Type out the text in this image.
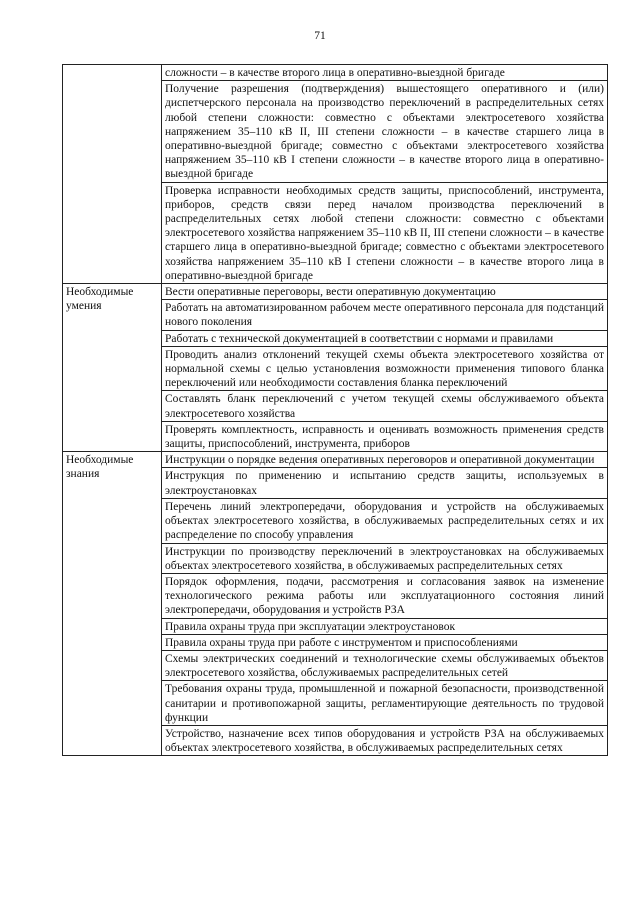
71
	сложности – в качестве второго лица в оперативно-выездной бригаде
	Получение разрешения (подтверждения) вышестоящего оперативного и (или) диспетчерского персонала на производство переключений в распределительных сетях любой степени сложности: совместно с объектами электросетевого хозяйства напряжением 35–110 кВ II, III степени сложности – в качестве старшего лица в оперативно-выездной бригаде; совместно с объектами электросетевого хозяйства напряжением 35–110 кВ I степени сложности – в качестве второго лица в оперативно-выездной бригаде
	Проверка исправности необходимых средств защиты, приспособлений, инструмента, приборов, средств связи перед началом производства переключений в распределительных сетях любой степени сложности: совместно с объектами электросетевого хозяйства напряжением 35–110 кВ II, III степени сложности – в качестве старшего лица в оперативно-выездной бригаде; совместно с объектами электросетевого хозяйства напряжением 35–110 кВ I степени сложности – в качестве второго лица в оперативно-выездной бригаде
Необходимые умения	Вести оперативные переговоры, вести оперативную документацию
	Работать на автоматизированном рабочем месте оперативного персонала для подстанций нового поколения
	Работать с технической документацией в соответствии с нормами и правилами
	Проводить анализ отклонений текущей схемы объекта электросетевого хозяйства от нормальной схемы с целью установления возможности применения типового бланка переключений или необходимости составления бланка переключений
	Составлять бланк переключений с учетом текущей схемы обслуживаемого объекта электросетевого хозяйства
	Проверять комплектность, исправность и оценивать возможность применения средств защиты, приспособлений, инструмента, приборов
Необходимые знания	Инструкции о порядке ведения оперативных переговоров и оперативной документации
	Инструкция по применению и испытанию средств защиты, используемых в электроустановках
	Перечень линий электропередачи, оборудования и устройств на обслуживаемых объектах электросетевого хозяйства, в обслуживаемых распределительных сетях и их распределение по способу управления
	Инструкции по производству переключений в электроустановках на обслуживаемых объектах электросетевого хозяйства, в обслуживаемых распределительных сетях
	Порядок оформления, подачи, рассмотрения и согласования заявок на изменение технологического режима работы или эксплуатационного состояния линий электропередачи, оборудования и устройств РЗА
	Правила охраны труда при эксплуатации электроустановок
	Правила охраны труда при работе с инструментом и приспособлениями
	Схемы электрических соединений и технологические схемы обслуживаемых объектов электросетевого хозяйства, обслуживаемых распределительных сетей
	Требования охраны труда, промышленной и пожарной безопасности, производственной санитарии и противопожарной защиты, регламентирующие деятельность по трудовой функции
	Устройство, назначение всех типов оборудования и устройств РЗА на обслуживаемых объектах электросетевого хозяйства, в обслуживаемых распределительных сетях
